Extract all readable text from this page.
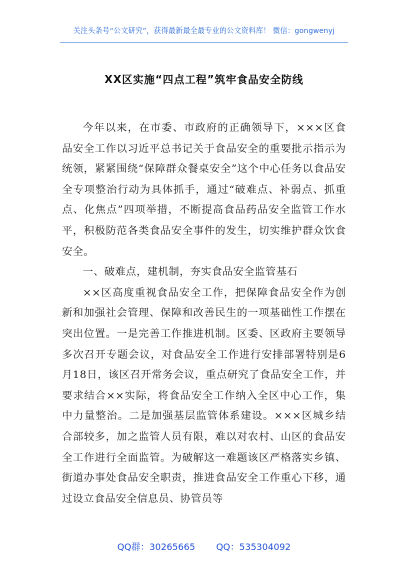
关注头条号“公文研究”，获得最新最全最专业的公文资料库！ 微信：gongwenyj
XX区实施“四点工程”筑牢食品安全防线

今年以来，在市委、市政府的正确领导下，×××区食品安全工作以习近平总书记关于食品安全的重要批示指示为统领，紧紧围绕“保障群众餐桌安全”这个中心任务以食品安全专项整治行动为具体抓手，通过“破难点、补弱点、抓重点、化焦点”四项举措，不断提高食品药品安全监管工作水平，积极防范各类食品安全事件的发生，切实维护群众饮食安全。

一、破难点，建机制，夯实食品安全监管基石

××区高度重视食品安全工作，把保障食品安全作为创新和加强社会管理、保障和改善民生的一项基础性工作摆在突出位置。一是完善工作推进机制。区委、区政府主要领导多次召开专题会议，对食品安全工作进行安排部署特别是6月18日，该区召开常务会议，重点研究了食品安全工作，并要求结合××实际，将食品安全工作纳入全区中心工作，集中力量整治。二是加强基层监管体系建设。×××区城乡结合部较多，加之监管人员有限，难以对农村、山区的食品安全工作进行全面监管。为破解这一难题该区严格落实乡镇、街道办事处食品安全职责，推进食品安全工作重心下移，通过设立食品安全信息员、协管员等

QQ群：30265665 QQ：535304092
